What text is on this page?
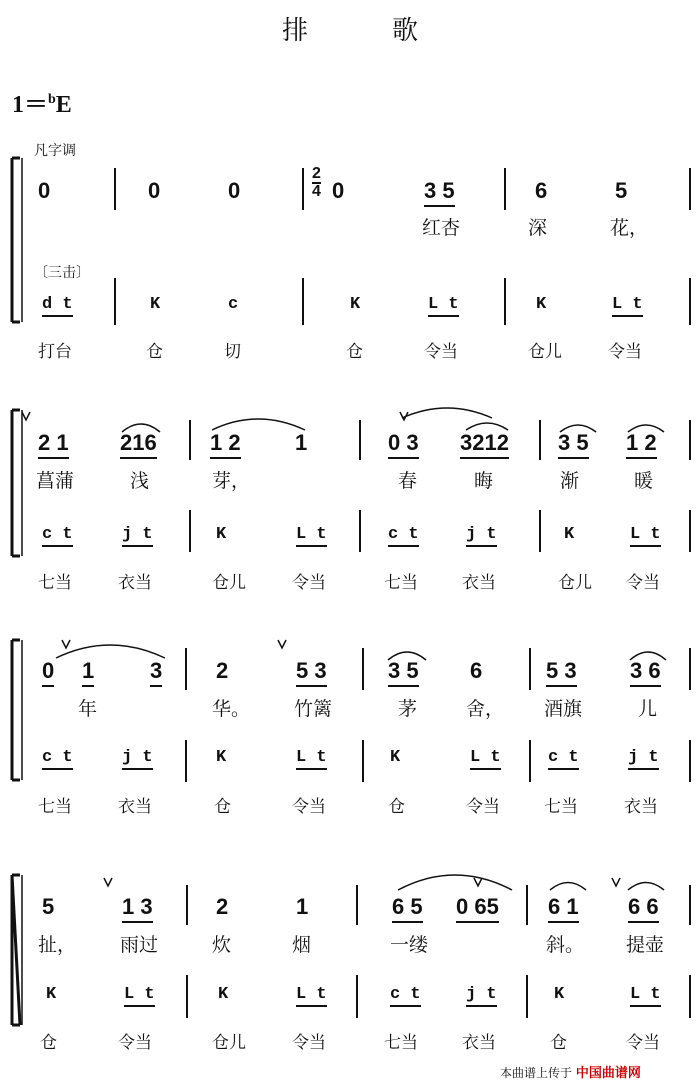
排	歌
1＝$^b$E
凡字调
0	0	0
2
4 0	3 5	6	5
红杏	深	花，
〔三击〕
d t	K	c	K	L t	K	L t
打台	仓	切	仓	令当	仓儿	令当
2 1 216 1 2 1	0 3 3212 3 5 1 2
菖蒲	浅	芽，	春	晦	渐	暖
c t	j t	K	L t	c t	j t	K	L t
七当	衣当	仓儿	令当	七当	衣当	仓儿 令当
0 1	3 2	5 3	3 5 6	5 3 3 6
年	华。 竹篱	茅	舍， 酒旗	儿
c t	j t	K	L t	K	L t	c t	j t
七当	衣当	仓	令当	仓	令当	七当	衣当
5	1 3	2	1	6 5 0 65 6 1 6 6
扯， 雨过	炊	烟	一缕	斜。 提壶
K	L t	K	L t	c t	j t	K	L t
仓	令当	仓儿	令当	七当	衣当	仓	令当
本曲谱上传于 中国曲谱网
